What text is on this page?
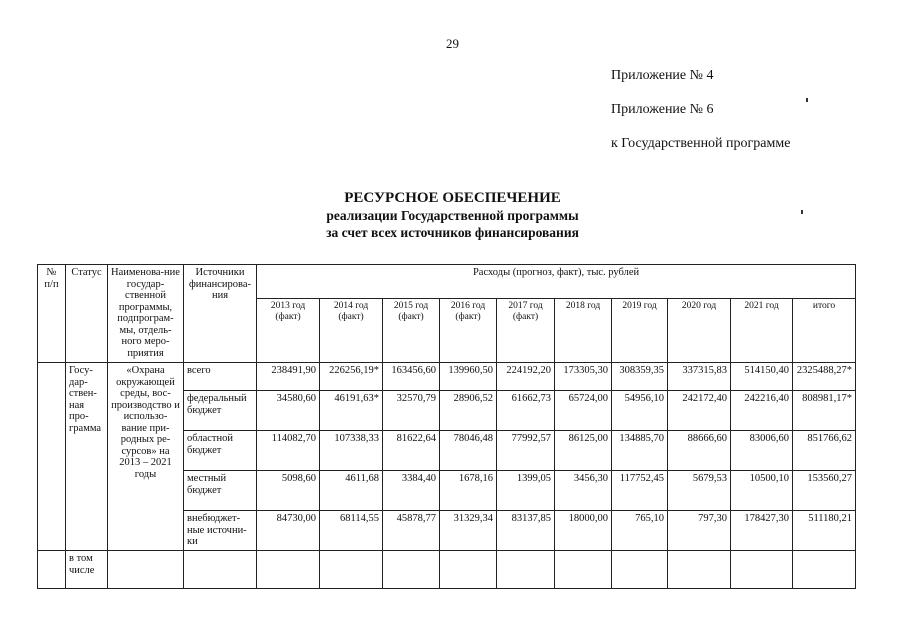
29
Приложение № 4
Приложение № 6
к Государственной программе
РЕСУРСНОЕ ОБЕСПЕЧЕНИЕ
реализации Государственной программы
за счет всех источников финансирования
№ п/п	Статус	Наименова-ние государ-ственной программы, подпрограм-мы, отдель-ного меро-приятия	Источники финансирова-ния	Расходы (прогноз, факт), тыс. рублей									
				2013 год (факт)	2014 год (факт)	2015 год (факт)	2016 год (факт)	2017 год (факт)	2018 год	2019 год	2020 год	2021 год	итого
	Госу-дар-ствен-ная про-грамма	«Охрана окружающей среды, вос-производство и использо-вание при-родных ре-сурсов» на 2013 – 2021 годы	всего	238491,90	226256,19*	163456,60	139960,50	224192,20	173305,30	308359,35	337315,83	514150,40	2325488,27*
			федеральный бюджет	34580,60	46191,63*	32570,79	28906,52	61662,73	65724,00	54956,10	242172,40	242216,40	808981,17*
			областной бюджет	114082,70	107338,33	81622,64	78046,48	77992,57	86125,00	134885,70	88666,60	83006,60	851766,62
			местный бюджет	5098,60	4611,68	3384,40	1678,16	1399,05	3456,30	117752,45	5679,53	10500,10	153560,27
			внебюджет-ные источни-ки	84730,00	68114,55	45878,77	31329,34	83137,85	18000,00	765,10	797,30	178427,30	511180,21
	в том числе												
